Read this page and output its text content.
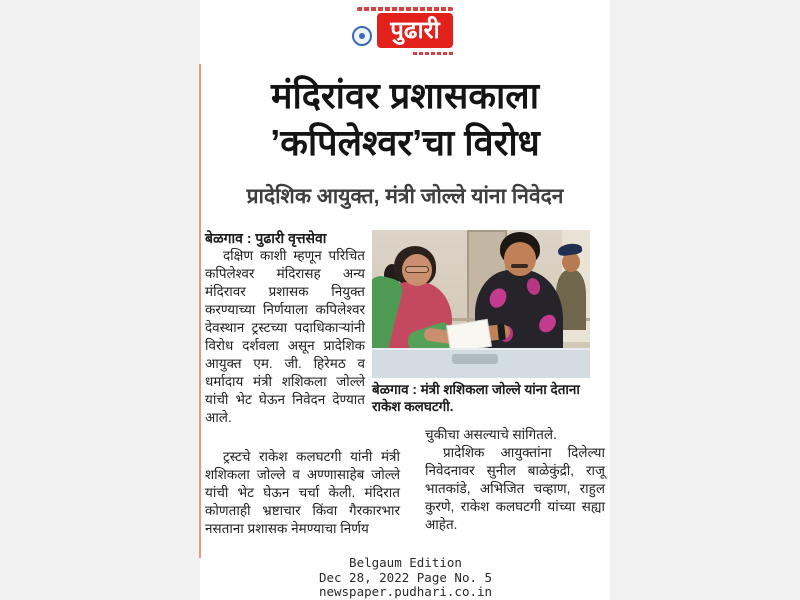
पुढारी
मंदिरांवर प्रशासकाला
’कपिलेश्वर’चा विरोध
प्रादेशिक आयुक्त, मंत्री जोल्ले यांना निवेदन
बेळगाव : पुढारी वृत्तसेवा

दक्षिण काशी म्हणून परिचित कपिलेश्वर मंदिरासह अन्य मंदिरावर प्रशासक नियुक्त करण्याच्या निर्णयाला कपिलेश्वर देवस्थान ट्रस्टच्या पदाधिकाऱ्यांनी विरोध दर्शवला असून प्रादेशिक आयुक्त एम. जी. हिरेमठ व धर्मादाय मंत्री शशिकला जोल्ले यांची भेट घेऊन निवेदन देण्यात आले.

ट्रस्टचे राकेश कलघटगी यांनी मंत्री शशिकला जोल्ले व अण्णासाहेब जोल्ले यांची भेट घेऊन चर्चा केली. मंदिरात कोणताही भ्रष्टाचार किंवा गैरकारभार नसताना प्रशासक नेमण्याचा निर्णय

चुकीचा असल्याचे सांगितले.

प्रादेशिक आयुक्तांना दिलेल्या निवेदनावर सुनील बाळेकुंद्री, राजू भातकांडे, अभिजित चव्हाण, राहुल कुरणे, राकेश कलघटगी यांच्या सह्या आहेत.

बेळगाव : मंत्री शशिकला जोल्ले यांना देताना राकेश कलघटगी.
Belgaum Edition
Dec 28, 2022 Page No. 5
newspaper.pudhari.co.in
